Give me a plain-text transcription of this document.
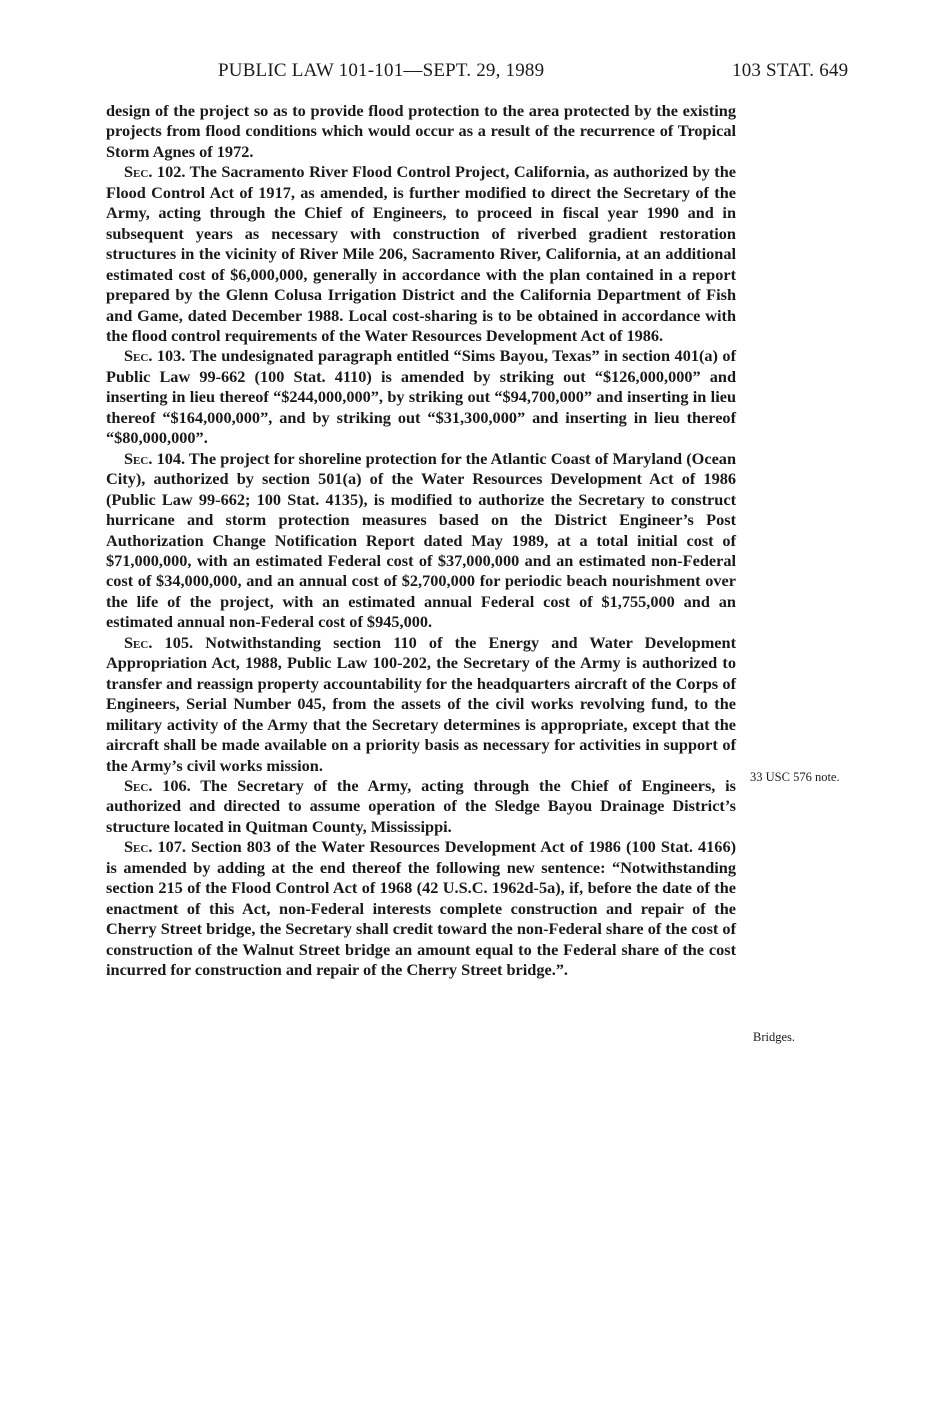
PUBLIC LAW 101-101—SEPT. 29, 1989	103 STAT. 649

design of the project so as to provide flood protection to the area protected by the existing projects from flood conditions which would occur as a result of the recurrence of Tropical Storm Agnes of 1972.

Sec. 102. The Sacramento River Flood Control Project, California, as authorized by the Flood Control Act of 1917, as amended, is further modified to direct the Secretary of the Army, acting through the Chief of Engineers, to proceed in fiscal year 1990 and in subsequent years as necessary with construction of riverbed gradient restoration structures in the vicinity of River Mile 206, Sacramento River, California, at an additional estimated cost of $6,000,000, generally in accordance with the plan contained in a report prepared by the Glenn Colusa Irrigation District and the California Department of Fish and Game, dated December 1988. Local cost-sharing is to be obtained in accordance with the flood control requirements of the Water Resources Development Act of 1986.

Sec. 103. The undesignated paragraph entitled “Sims Bayou, Texas” in section 401(a) of Public Law 99-662 (100 Stat. 4110) is amended by striking out “$126,000,000” and inserting in lieu thereof “$244,000,000”, by striking out “$94,700,000” and inserting in lieu thereof “$164,000,000”, and by striking out “$31,300,000” and inserting in lieu thereof “$80,000,000”.

Sec. 104. The project for shoreline protection for the Atlantic Coast of Maryland (Ocean City), authorized by section 501(a) of the Water Resources Development Act of 1986 (Public Law 99-662; 100 Stat. 4135), is modified to authorize the Secretary to construct hurricane and storm protection measures based on the District Engineer’s Post Authorization Change Notification Report dated May 1989, at a total initial cost of $71,000,000, with an estimated Federal cost of $37,000,000 and an estimated non-Federal cost of $34,000,000, and an annual cost of $2,700,000 for periodic beach nourishment over the life of the project, with an estimated annual Federal cost of $1,755,000 and an estimated annual non-Federal cost of $945,000.

Sec. 105. Notwithstanding section 110 of the Energy and Water Development Appropriation Act, 1988, Public Law 100-202, the Secretary of the Army is authorized to transfer and reassign property accountability for the headquarters aircraft of the Corps of Engineers, Serial Number 045, from the assets of the civil works revolving fund, to the military activity of the Army that the Secretary determines is appropriate, except that the aircraft shall be made available on a priority basis as necessary for activities in support of the Army’s civil works mission.

Sec. 106. The Secretary of the Army, acting through the Chief of Engineers, is authorized and directed to assume operation of the Sledge Bayou Drainage District’s structure located in Quitman County, Mississippi.

Sec. 107. Section 803 of the Water Resources Development Act of 1986 (100 Stat. 4166) is amended by adding at the end thereof the following new sentence: “Notwithstanding section 215 of the Flood Control Act of 1968 (42 U.S.C. 1962d-5a), if, before the date of the enactment of this Act, non-Federal interests complete construction and repair of the Cherry Street bridge, the Secretary shall credit toward the non-Federal share of the cost of construction of the Walnut Street bridge an amount equal to the Federal share of the cost incurred for construction and repair of the Cherry Street bridge.”.

33 USC 576 note.
Bridges.
